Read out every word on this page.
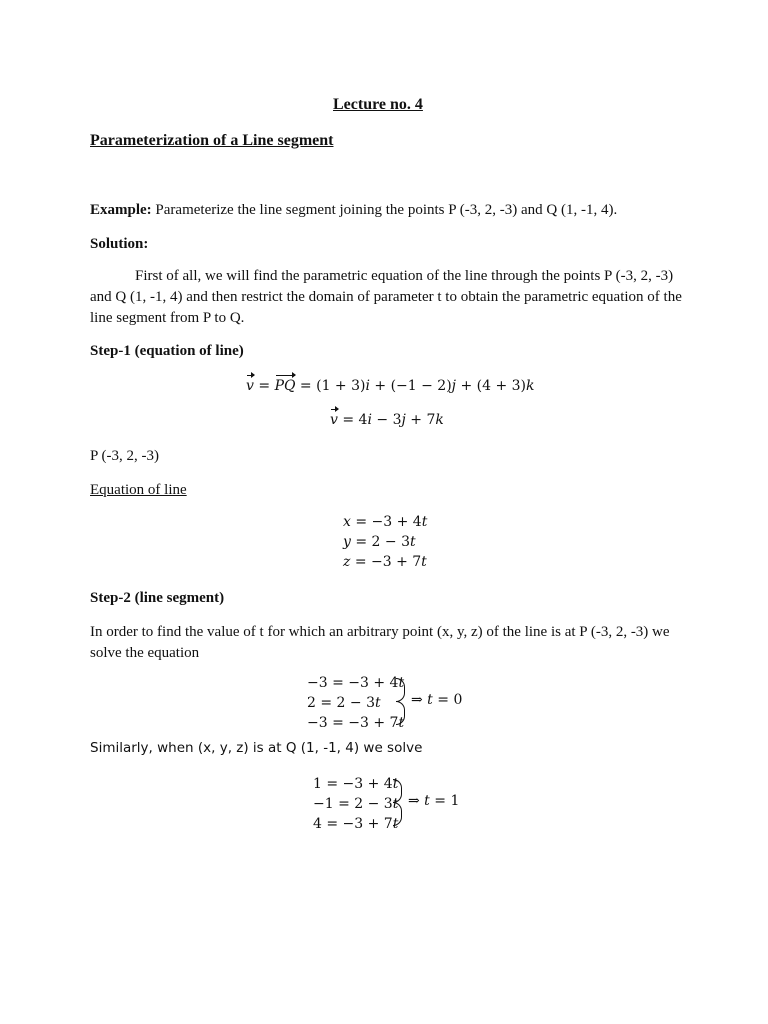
Lecture no. 4
Parameterization of a Line segment
Example: Parameterize the line segment joining the points P (-3, 2, -3) and Q (1, -1, 4).
Solution:
First of all, we will find the parametric equation of the line through the points P (-3, 2, -3) and Q (1, -1, 4) and then restrict the domain of parameter t to obtain the parametric equation of the line segment from P to Q.
Step-1 (equation of line)
𝑣 = 𝑃𝑄 = (1 + 3)𝑖 + (−1 − 2)𝑗 + (4 + 3)𝑘
𝑣 = 4𝑖 − 3𝑗 + 7𝑘
P (-3, 2, -3)
Equation of line
𝑥 = −3 + 4𝑡
𝑦 = 2 − 3𝑡
𝑧 = −3 + 7𝑡
Step-2 (line segment)
In order to find the value of t for which an arbitrary point (x, y, z) of the line is at P (-3, 2, -3) we solve the equation
−3 = −3 + 4𝑡
2 = 2 − 3𝑡
−3 = −3 + 7𝑡
⇒ 𝑡 = 0
Similarly, when (x, y, z) is at Q (1, -1, 4) we solve
1 = −3 + 4𝑡
−1 = 2 − 3𝑡
4 = −3 + 7𝑡
⇒ 𝑡 = 1
